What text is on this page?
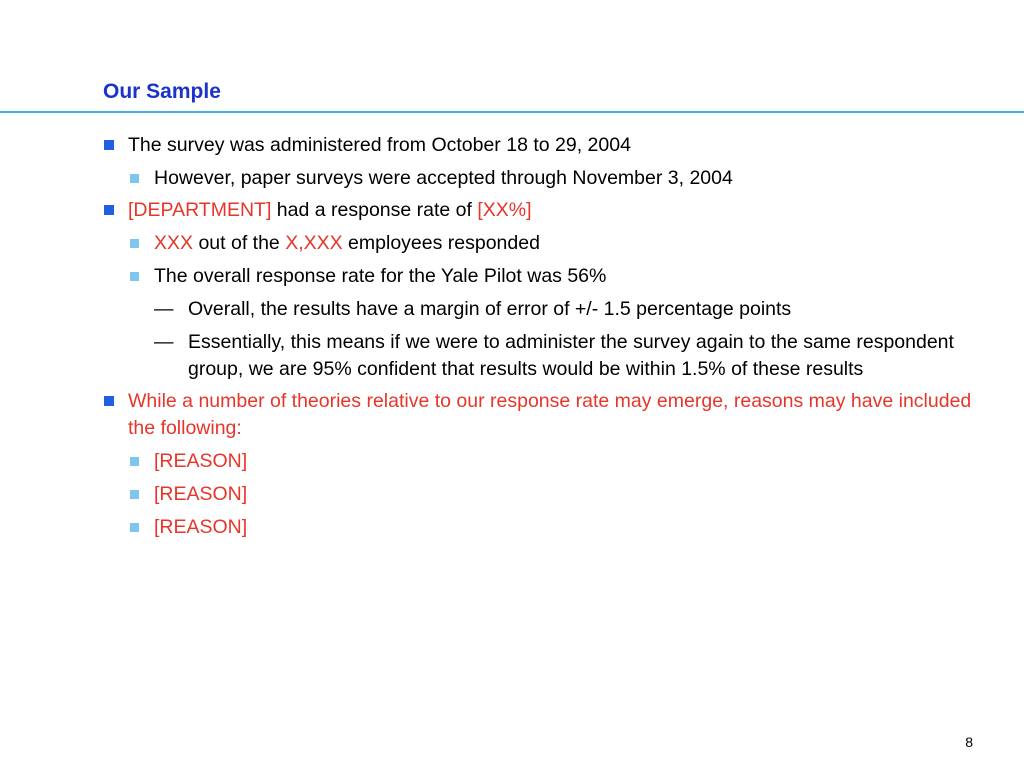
Our Sample
The survey was administered from October 18 to 29, 2004
However, paper surveys were accepted through November 3, 2004
[DEPARTMENT] had a response rate of [XX%]
XXX out of the X,XXX employees responded
The overall response rate for the Yale Pilot was 56%
— Overall, the results have a margin of error of +/- 1.5 percentage points
— Essentially, this means if we were to administer the survey again to the same respondent group, we are 95% confident that results would be within 1.5% of these results
While a number of theories relative to our response rate may emerge, reasons may have included the following:
[REASON]
[REASON]
[REASON]
8
